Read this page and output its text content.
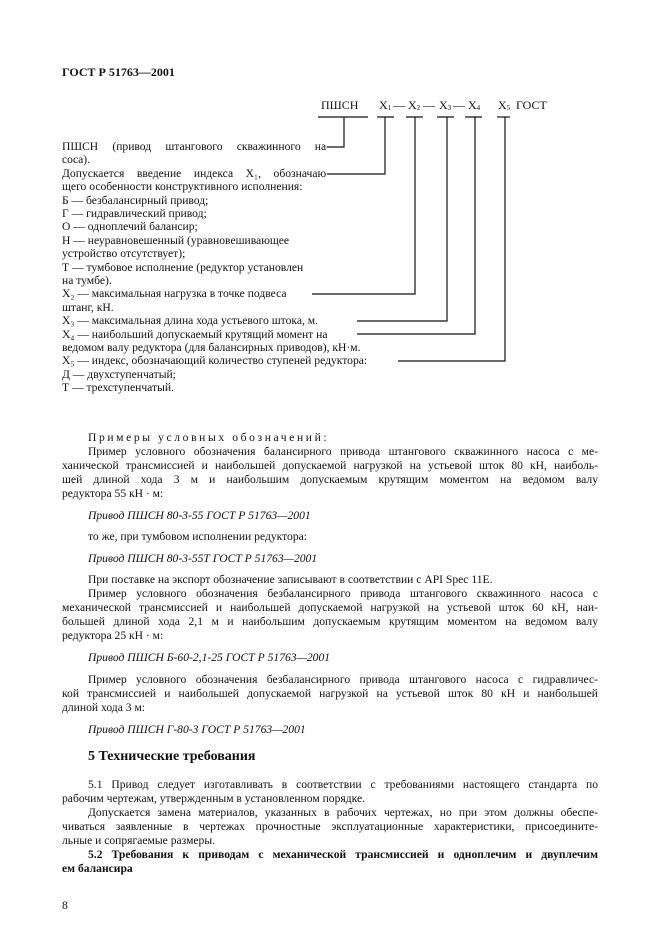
ГОСТ Р 51763—2001
ПШСН $X_1$ — $X_2$ — $X_3$ — $X_4$ $X_5$ ГОСТ
ПШСН (привод штангового скважинного на-
coca).
Допускается введение индекса X₁, обозначаю-
щего особенности конструктивного исполнения:
Б — безбалансирный привод;
Г — гидравлический привод;
О — одноплечий балансир;
Н — неуравновешенный (уравновешивающее
устройство отсутствует);
Т — тумбовое исполнение (редуктор установлен
на тумбе).
X₂ — максимальная нагрузка в точке подвеса
штанг, кН.
X₃ — максимальная длина хода устьевого штока, м.
X₄ — наибольший допускаемый крутящий момент на
ведомом валу редуктора (для балансирных приводов), кН·м.
X₅ — индекс, обозначающий количество ступеней редуктора:
Д — двухступенчатый;
Т — трехступенчатый.
Примеры условных обозначений:
Пример условного обозначения балансирного привода штангового скважинного насоса с ме-
ханической трансмиссией и наибольшей допускаемой нагрузкой на устьевой шток 80 кН, наиболь-
шей длиной хода 3 м и наибольшим допускаемым крутящим моментом на ведомом валу
редуктора 55 кН · м:
Привод ПШСН 80-3-55 ГОСТ Р 51763—2001
то же, при тумбовом исполнении редуктора:
Привод ПШСН 80-3-55Т ГОСТ Р 51763—2001
При поставке на экспорт обозначение записывают в соответствии с API Spec 11E.
Пример условного обозначения безбалансирного привода штангового скважинного насоса с
механической трансмиссией и наибольшей допускаемой нагрузкой на устьевой шток 60 кН, наи-
большей длиной хода 2,1 м и наибольшим допускаемым крутящим моментом на ведомом валу
редуктора 25 кН · м:
Привод ПШСН Б-60-2,1-25 ГОСТ Р 51763—2001
Пример условного обозначения безбалансирного привода штангового насоса с гидравличес-
кой трансмиссией и наибольшей допускаемой нагрузкой на устьевой шток 80 кН и наибольшей
длиной хода 3 м:
Привод ПШСН Г-80-3 ГОСТ Р 51763—2001
5 Технические требования
5.1 Привод следует изготавливать в соответствии с требованиями настоящего стандарта по
рабочим чертежам, утвержденным в установленном порядке.
Допускается замена материалов, указанных в рабочих чертежах, но при этом должны обеспе-
чиваться заявленные в чертежах прочностные эксплуатационные характеристики, присоедините-
льные и сопрягаемые размеры.
5.2 Требования к приводам с механической трансмиссией и одноплечим и двуплечим
ем балансира
8
